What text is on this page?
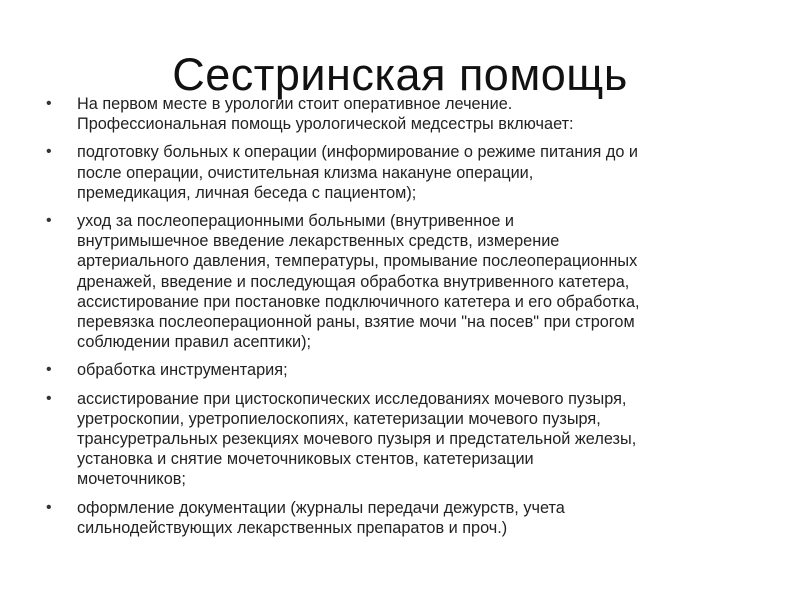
Сестринская помощь
•	На первом месте в урологии стоит оперативное лечение.
Профессиональная помощь урологической медсестры включает:
•	подготовку больных к операции (информирование о режиме питания до и
после операции, очистительная клизма накануне операции,
премедикация, личная беседа с пациентом);
•	уход за послеоперационными больными (внутривенное и
внутримышечное введение лекарственных средств, измерение
артериального давления, температуры, промывание послеоперационных
дренажей, введение и последующая обработка внутривенного катетера,
ассистирование при постановке подключичного катетера и его обработка,
перевязка послеоперационной раны, взятие мочи "на посев" при строгом
соблюдении правил асептики);
•	обработка инструментария;
•	ассистирование при цистоскопических исследованиях мочевого пузыря,
уретроскопии, уретропиелоскопиях, катетеризации мочевого пузыря,
трансуретральных резекциях мочевого пузыря и предстательной железы,
установка и снятие мочеточниковых стентов, катетеризации
мочеточников;
•	оформление документации (журналы передачи дежурств, учета
сильнодействующих лекарственных препаратов и проч.)
